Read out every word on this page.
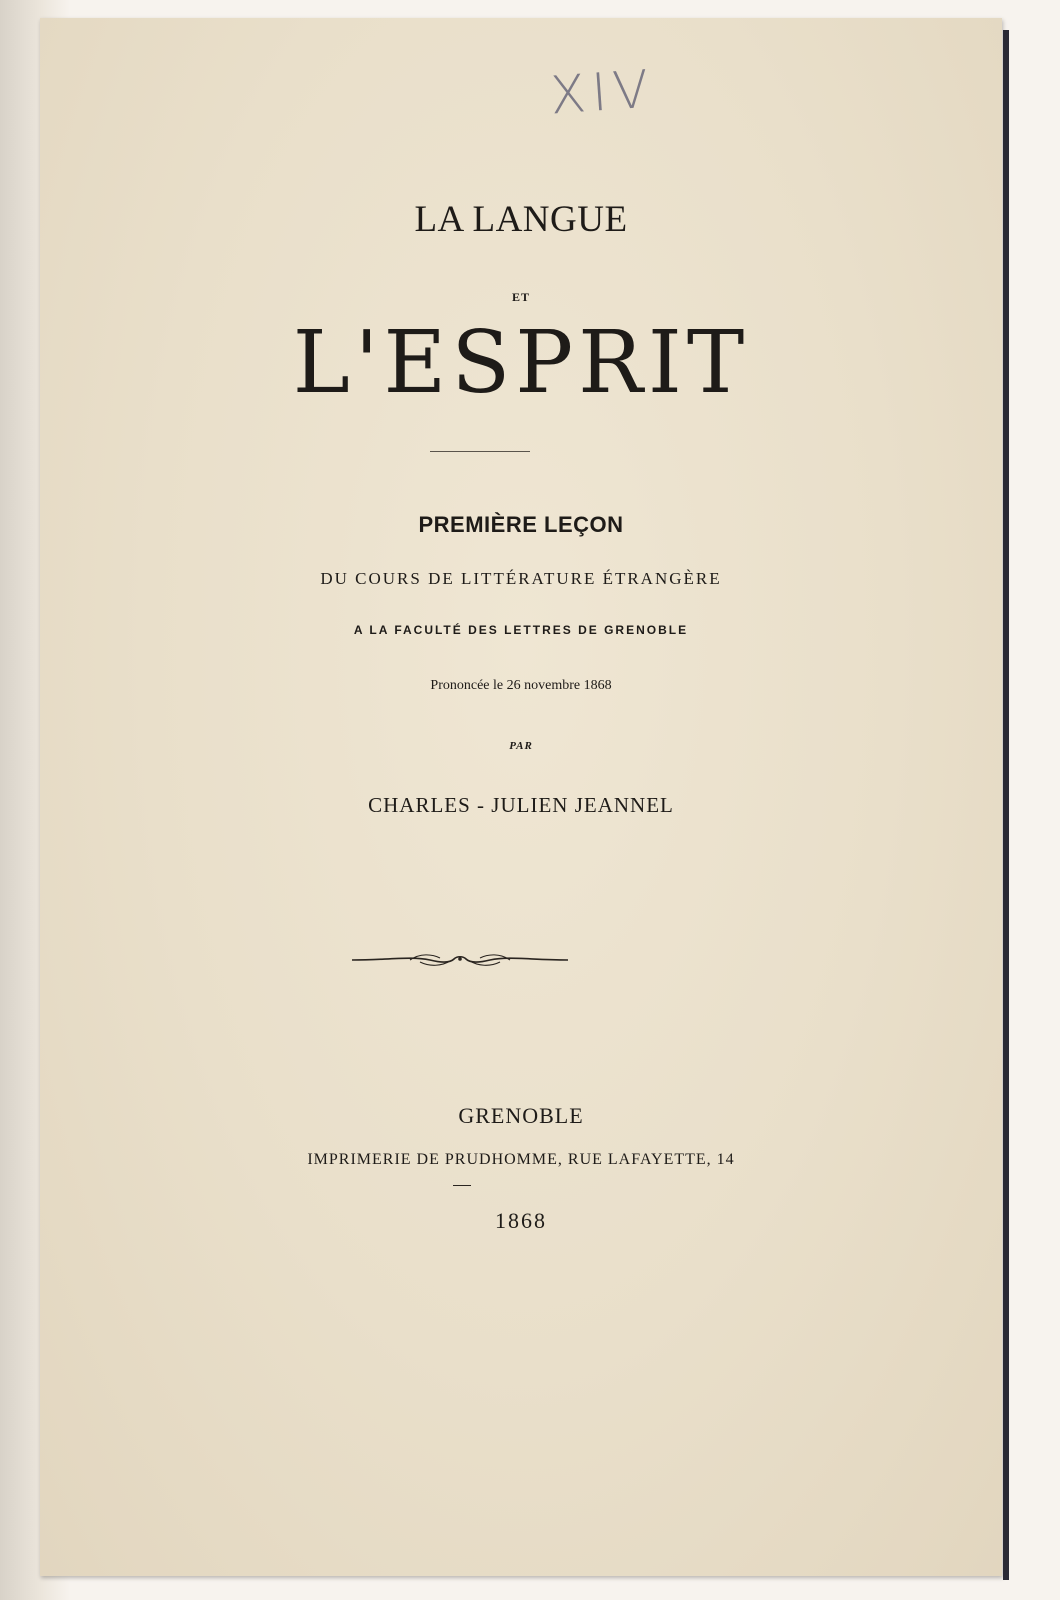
XIV
LA LANGUE
ET
L'ESPRIT
PREMIÈRE LEÇON
DU COURS DE LITTÉRATURE ÉTRANGÈRE
A LA FACULTÉ DES LETTRES DE GRENOBLE
Prononcée le 26 novembre 1868
PAR
CHARLES - JULIEN JEANNEL
GRENOBLE
IMPRIMERIE DE PRUDHOMME, RUE LAFAYETTE, 14
1868
